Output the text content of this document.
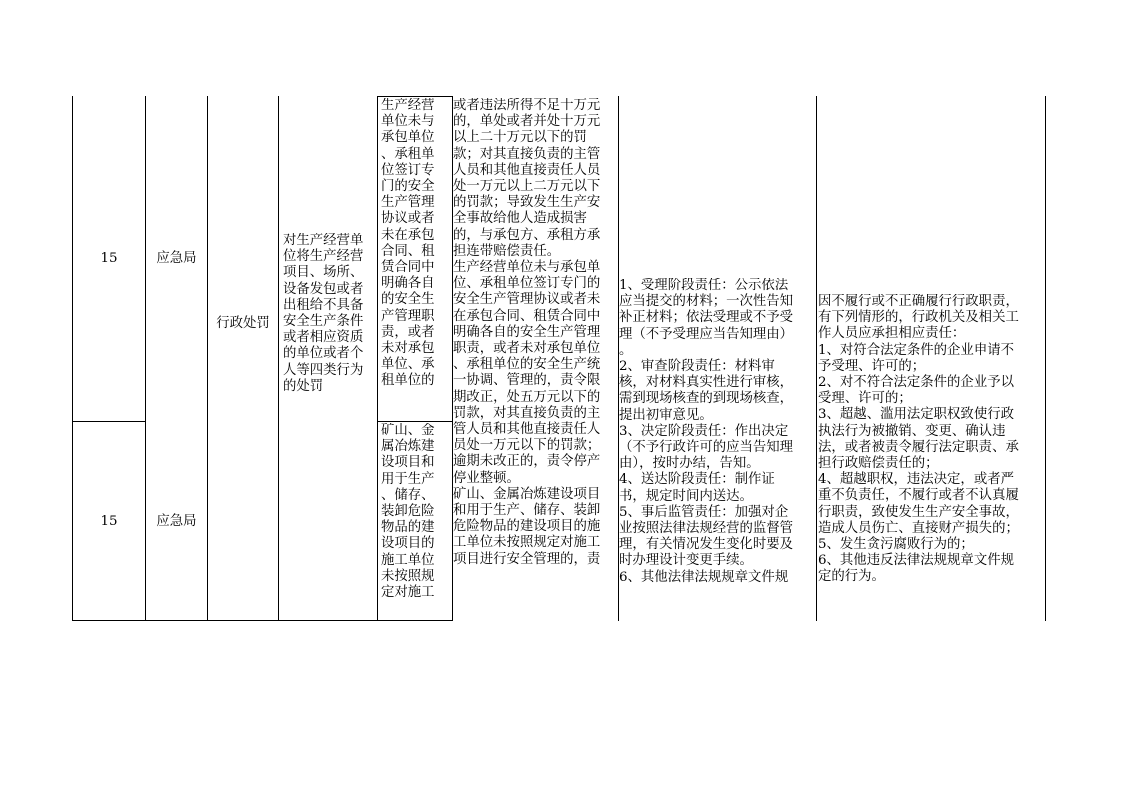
15	应急局
15	应急局
行政处罚
对生产经营单
位将生产经营
项目、场所、
设备发包或者
出租给不具备
安全生产条件
或者相应资质
的单位或者个
人等四类行为
的处罚
生产经营
单位未与
承包单位
、承租单
位签订专
门的安全
生产管理
协议或者
未在承包
合同、租
赁合同中
明确各自
的安全生
产管理职
责，或者
未对承包
单位、承
租单位的
矿山、金
属冶炼建
设项目和
用于生产
、储存、
装卸危险
物品的建
设项目的
施工单位
未按照规
定对施工
或者违法所得不足十万元
的，单处或者并处十万元
以上二十万元以下的罚
款；对其直接负责的主管
人员和其他直接责任人员
处一万元以上二万元以下
的罚款；导致发生生产安
全事故给他人造成损害
的，与承包方、承租方承
担连带赔偿责任。
生产经营单位未与承包单
位、承租单位签订专门的
安全生产管理协议或者未
在承包合同、租赁合同中
明确各自的安全生产管理
职责，或者未对承包单位
、承租单位的安全生产统
一协调、管理的，责令限
期改正，处五万元以下的
罚款，对其直接负责的主
管人员和其他直接责任人
员处一万元以下的罚款；
逾期未改正的，责令停产
停业整顿。
矿山、金属冶炼建设项目
和用于生产、储存、装卸
危险物品的建设项目的施
工单位未按照规定对施工
项目进行安全管理的，责
1、受理阶段责任：公示依法
应当提交的材料；一次性告知
补正材料；依法受理或不予受
理（不予受理应当告知理由）
。
2、审查阶段责任：材料审
核，对材料真实性进行审核，
需到现场核查的到现场核查，
提出初审意见。
3、决定阶段责任：作出决定
（不予行政许可的应当告知理
由），按时办结，告知。
4、送达阶段责任：制作证
书，规定时间内送达。
5、事后监管责任：加强对企
业按照法律法规经营的监督管
理，有关情况发生变化时要及
时办理设计变更手续。
6、其他法律法规规章文件规
因不履行或不正确履行行政职责，
有下列情形的，行政机关及相关工
作人员应承担相应责任：
1、对符合法定条件的企业申请不
予受理、许可的；
2、对不符合法定条件的企业予以
受理、许可的；
3、超越、滥用法定职权致使行政
执法行为被撤销、变更、确认违
法，或者被责令履行法定职责、承
担行政赔偿责任的；
4、超越职权，违法决定，或者严
重不负责任，不履行或者不认真履
行职责，致使发生生产安全事故，
造成人员伤亡、直接财产损失的；
5、发生贪污腐败行为的；
6、其他违反法律法规规章文件规
定的行为。
